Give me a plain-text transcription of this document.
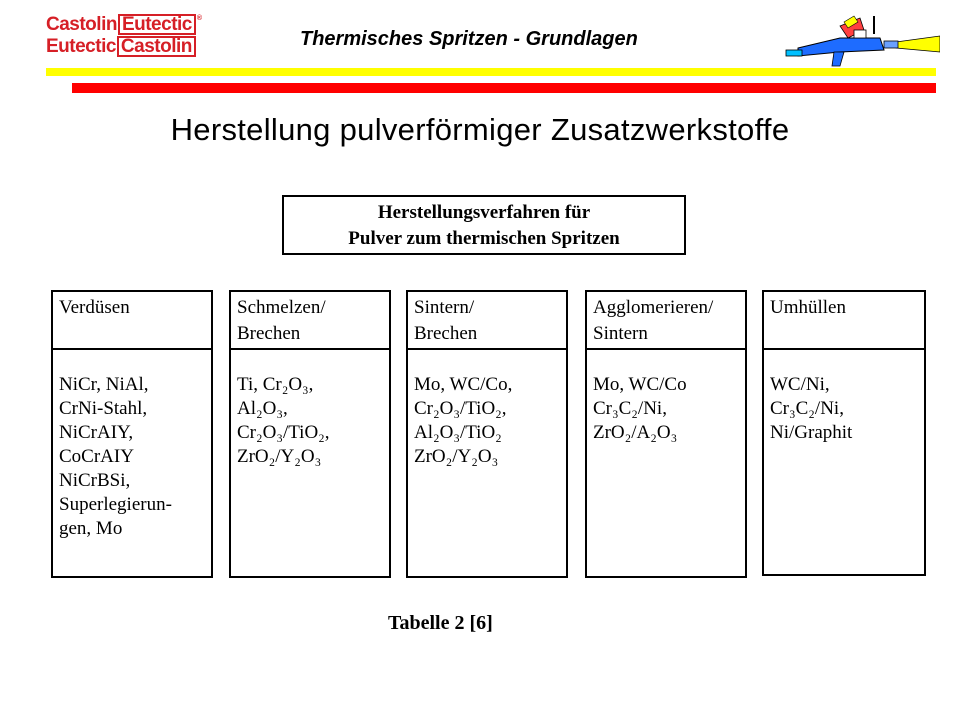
Castolin Eutectic ®
Eutectic Castolin	Thermisches Spritzen - Grundlagen
Herstellung pulverförmiger Zusatzwerkstoffe
Herstellungsverfahren für
Pulver zum thermischen Spritzen
Verdüsen
NiCr, NiAl,
CrNi-Stahl,
NiCrAIY,
CoCrAIY
NiCrBSi,
Superlegierun-
gen, Mo
Schmelzen/
Brechen
Ti, Cr₂O₃,
Al₂O₃,
Cr₂O₃/TiO₂,
ZrO₂/Y₂O₃
Sintern/
Brechen
Mo, WC/Co,
Cr₂O₃/TiO₂,
Al₂O₃/TiO₂
ZrO₂/Y₂O₃
Agglomerieren/
Sintern
Mo, WC/Co
Cr₃C₂/Ni,
ZrO₂/A₂O₃
Umhüllen
WC/Ni,
Cr₃C₂/Ni,
Ni/Graphit
Tabelle 2 [6]
